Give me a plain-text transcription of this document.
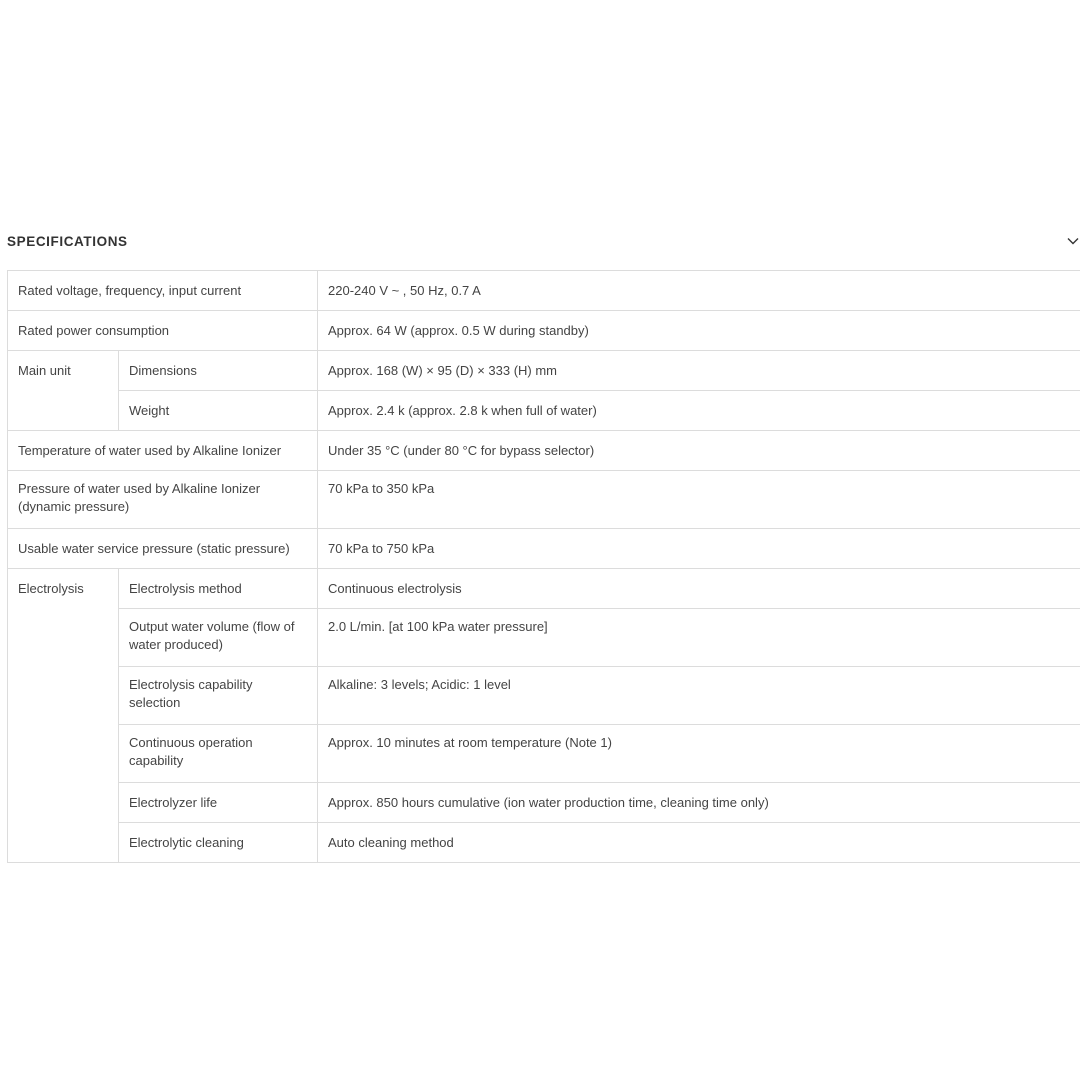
SPECIFICATIONS
Rated voltage, frequency, input current		220-240 V ~ , 50 Hz, 0.7 A

Rated power consumption		Approx. 64 W (approx. 0.5 W during standby)

Main unit	Dimensions	Approx. 168 (W) × 95 (D) × 333 (H) mm

	Weight	Approx. 2.4 k (approx. 2.8 k when full of water)

Temperature of water used by Alkaline Ionizer		Under 35 °C (under 80 °C for bypass selector)

Pressure of water used by Alkaline Ionizer (dynamic pressure)		70 kPa to 350 kPa

Usable water service pressure (static pressure)		70 kPa to 750 kPa

Electrolysis	Electrolysis method	Continuous electrolysis

	Output water volume (flow of water produced)	2.0 L/min. [at 100 kPa water pressure]

	Electrolysis capability selection	Alkaline: 3 levels; Acidic: 1 level

	Continuous operation capability	Approx. 10 minutes at room temperature (Note 1)

	Electrolyzer life	Approx. 850 hours cumulative (ion water production time, cleaning time only)

	Electrolytic cleaning	Auto cleaning method
